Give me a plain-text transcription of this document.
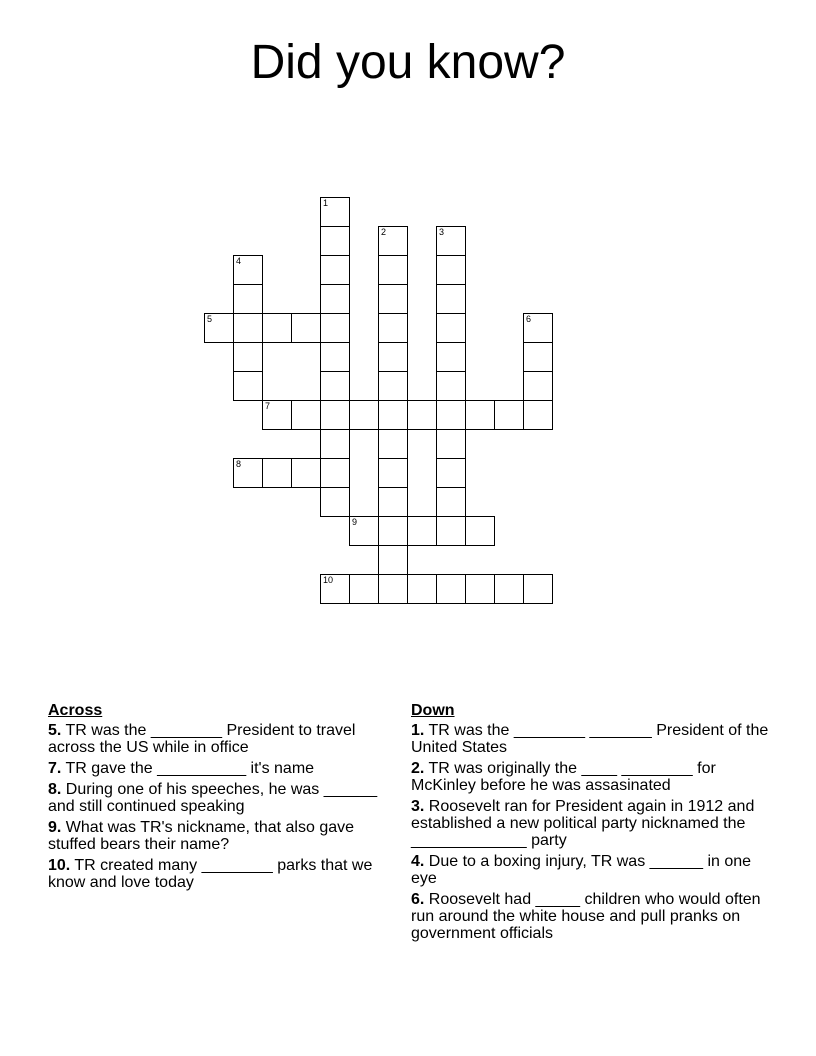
Did you know?
1
2	3
4
5	6
7
8
9
10
Across
5. TR was the ________ President to travel across the US while in office
7. TR gave the __________ it's name
8. During one of his speeches, he was ______ and still continued speaking
9. What was TR's nickname, that also gave stuffed bears their name?
10. TR created many ________ parks that we know and love today
Down
1. TR was the ________ _______ President of the United States
2. TR was originally the ____ ________ for McKinley before he was assasinated
3. Roosevelt ran for President again in 1912 and established a new political party nicknamed the _____________ party
4. Due to a boxing injury, TR was ______ in one eye
6. Roosevelt had _____ children who would often run around the white house and pull pranks on government officials
